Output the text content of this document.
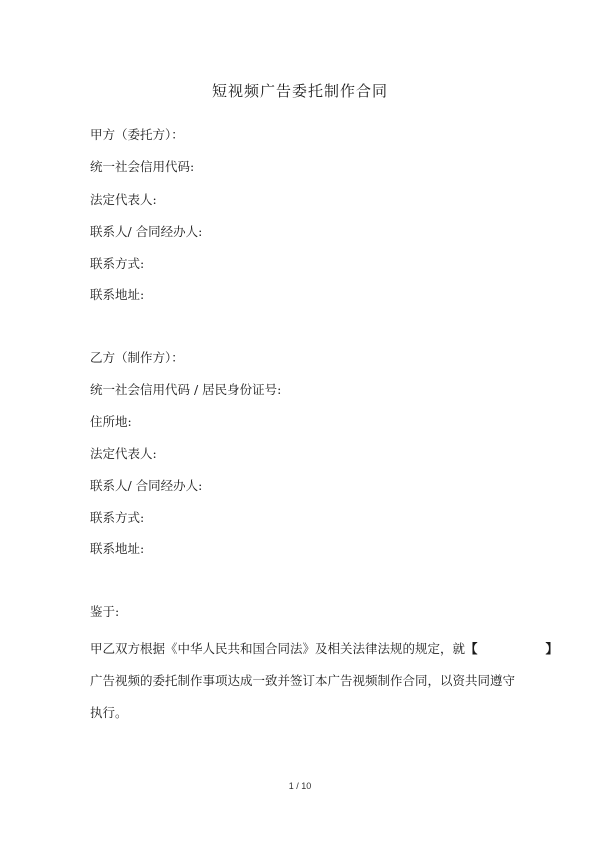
短视频广告委托制作合同
甲方（委托方）：
统一社会信用代码:
法定代表人:
联系人/ 合同经办人:
联系方式:
联系地址:
乙方（制作方）：
统一社会信用代码 / 居民身份证号:
住所地:
法定代表人:
联系人/ 合同经办人:
联系方式:
联系地址:
鉴于:
甲乙双方根据《中华人民共和国合同法》及相关法律法规的规定，就【	】
广告视频的委托制作事项达成一致并签订本广告视频制作合同，以资共同遵守
执行。
1 / 10
